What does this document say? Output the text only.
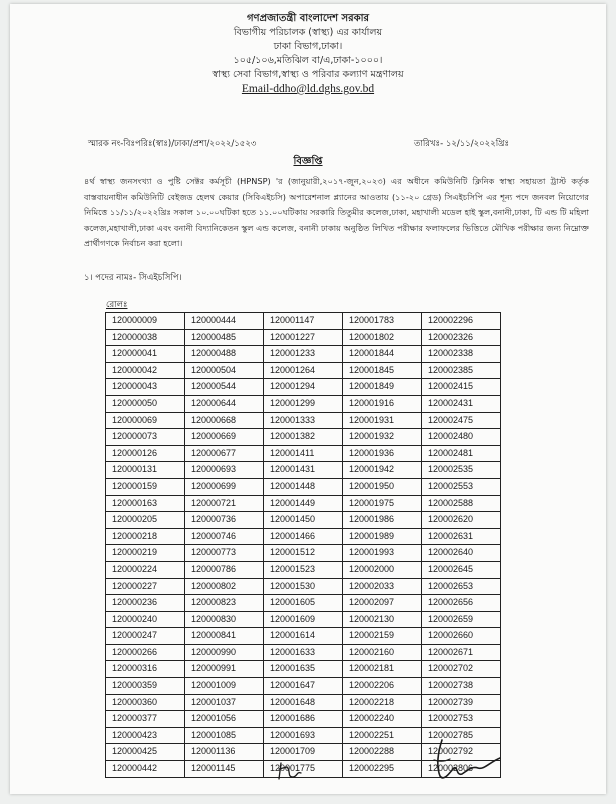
গণপ্রজাতন্ত্রী বাংলাদেশ সরকার
বিভাগীয় পরিচালক (স্বাস্থ্য) এর কার্যালয়
ঢাকা বিভাগ,ঢাকা।
১০৫/১০৬,মতিঝিল বা/এ,ঢাকা-১০০০।
স্বাস্থ্য সেবা বিভাগ,স্বাস্থ্য ও পরিবার কল্যাণ মন্ত্রণালয়
Email-ddho@ld.dghs.gov.bd
স্মারক নং-বিঃপরিঃ(স্বাঃ)/ঢাকা/প্রশা/২০২২/১৫২৩	তারিখঃ- ১২/১১/২০২২খ্রিঃ
বিজ্ঞপ্তি
৪র্থ স্বাস্থ্য জনসংখ্যা ও পুষ্টি সেক্টর কর্মসূচী (HPNSP) 'র (জানুয়ারী,২০১৭-জুন,২০২৩) এর অধীনে কমিউনিটি ক্লিনিক স্বাস্থ্য সহায়তা ট্রাস্ট কর্তৃক বাস্তবায়নাধীন কমিউনিটি বেইজড হেলথ কেয়ার (সিবিএইচসি) অপারেশনাল প্ল্যানের আওতায় (১১-২০ গ্রেড) সিএইচসিপি এর শূন্য পদে জনবল নিয়োগের নিমিত্তে ১১/১১/২০২২খ্রিঃ সকাল ১০.০০ঘটিকা হতে ১১.০০ঘটিকায় সরকারি তিতুমীর কলেজ,ঢাকা, মহাখালী মডেল হাই স্কুল,বনানী,ঢাকা, টি এন্ড টি মহিলা কলেজ,মহাখালী,ঢাকা এবং বনানী বিদ্যানিকেতন স্কুল এন্ড কলেজ, বনানী ঢাকায় অনুষ্ঠিত লিখিত পরীক্ষার ফলাফলের ভিত্তিতে মৌখিক পরীক্ষার জন্য নিম্নোক্ত প্রার্থীগণকে নির্বাচন করা হলো।
১। পদের নামঃ- সিএইচসিপি।
রোলঃ
120000009	120000444	120001147	120001783	120002296
120000038	120000485	120001227	120001802	120002326
120000041	120000488	120001233	120001844	120002338
120000042	120000504	120001264	120001845	120002385
120000043	120000544	120001294	120001849	120002415
120000050	120000644	120001299	120001916	120002431
120000069	120000668	120001333	120001931	120002475
120000073	120000669	120001382	120001932	120002480
120000126	120000677	120001411	120001936	120002481
120000131	120000693	120001431	120001942	120002535
120000159	120000699	120001448	120001950	120002553
120000163	120000721	120001449	120001975	120002588
120000205	120000736	120001450	120001986	120002620
120000218	120000746	120001466	120001989	120002631
120000219	120000773	120001512	120001993	120002640
120000224	120000786	120001523	120002000	120002645
120000227	120000802	120001530	120002033	120002653
120000236	120000823	120001605	120002097	120002656
120000240	120000830	120001609	120002130	120002659
120000247	120000841	120001614	120002159	120002660
120000266	120000990	120001633	120002160	120002671
120000316	120000991	120001635	120002181	120002702
120000359	120001009	120001647	120002206	120002738
120000360	120001037	120001648	120002218	120002739
120000377	120001056	120001686	120002240	120002753
120000423	120001085	120001693	120002251	120002785
120000425	120001136	120001709	120002288	120002792
120000442	120001145	120001775	120002295	120002806
